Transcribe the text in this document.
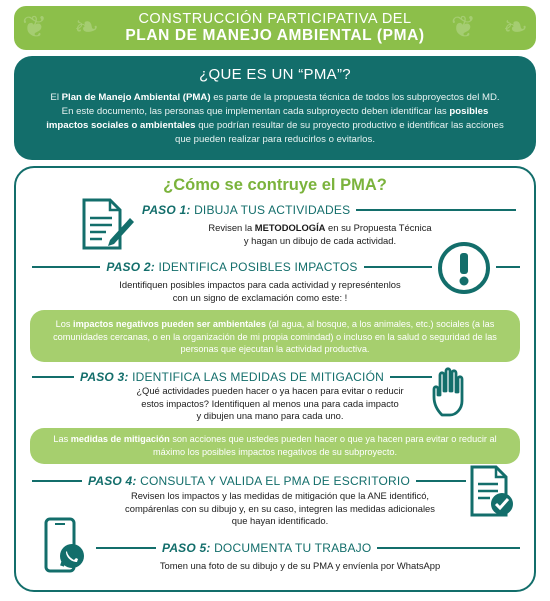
❦ ❧	❦ ❧
CONSTRUCCIÓN PARTICIPATIVA DEL
PLAN DE MANEJO AMBIENTAL (PMA)
¿QUE ES UN “PMA”?

El Plan de Manejo Ambiental (PMA) es parte de la propuesta técnica de todos los subproyectos del MD. En este documento, las personas que implementan cada subproyecto deben identificar las posibles impactos sociales o ambientales que podrían resultar de su proyecto productivo e identificar las acciones que pueden realizar para reducirlos o evitarlos.

¿Cómo se contruye el PMA?
PASO 1: DIBUJA TUS ACTIVIDADES
Revisen la METODOLOGÍA en su Propuesta Técnica
y hagan un dibujo de cada actividad.
PASO 2: IDENTIFICA POSIBLES IMPACTOS
Identifiquen posibles impactos para cada actividad y represéntenlos
con un signo de exclamación como este: !
Los impactos negativos pueden ser ambientales (al agua, al bosque, a los animales, etc.) sociales (a las comunidades cercanas, o en la organización de mi propia comindad) o incluso en la salud o seguridad de las personas que ejecutan la actividad productiva.
PASO 3: IDENTIFICA LAS MEDIDAS DE MITIGACIÓN
¿Qué actividades pueden hacer o ya hacen para evitar o reducir
estos impactos? Identifiquen al menos una para cada impacto
y dibujen una mano para cada uno.
Las medidas de mitigación son acciones que ustedes pueden hacer o que ya hacen para evitar o reducir al máximo los posibles impactos negativos de su subproyecto.
PASO 4: CONSULTA Y VALIDA EL PMA DE ESCRITORIO
Revisen los impactos y las medidas de mitigación que la ANE identificó,
compárenlas con su dibujo y, en su caso, integren las medidas adicionales
que hayan identificado.
PASO 5: DOCUMENTA TU TRABAJO
Tomen una foto de su dibujo y de su PMA y envíenla por WhatsApp
